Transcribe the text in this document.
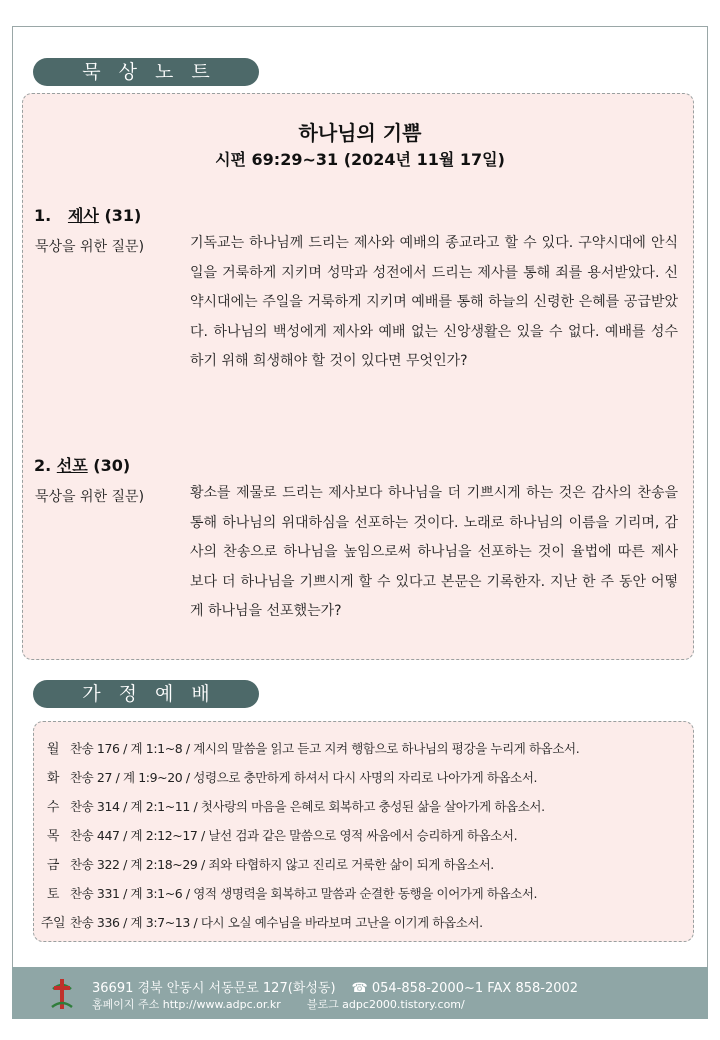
묵 상 노 트
하나님의 기쁨
시편 69:29~31 (2024년 11월 17일)
1. 제사 (31)
묵상을 위한 질문)	기독교는 하나님께 드리는 제사와 예배의 종교라고 할 수 있다. 구약시대에 안식일을 거룩하게 지키며 성막과 성전에서 드리는 제사를 통해 죄를 용서받았다. 신약시대에는 주일을 거룩하게 지키며 예배를 통해 하늘의 신령한 은혜를 공급받았다. 하나님의 백성에게 제사와 예배 없는 신앙생활은 있을 수 없다. 예배를 성수하기 위해 희생해야 할 것이 있다면 무엇인가?

2. 선포 (30)
묵상을 위한 질문)	황소를 제물로 드리는 제사보다 하나님을 더 기쁘시게 하는 것은 감사의 찬송을 통해 하나님의 위대하심을 선포하는 것이다. 노래로 하나님의 이름을 기리며, 감사의 찬송으로 하나님을 높임으로써 하나님을 선포하는 것이 율법에 따른 제사 보다 더 하나님을 기쁘시게 할 수 있다고 본문은 기록한자. 지난 한 주 동안 어떻게 하나님을 선포했는가?

가 정 예 배
월 찬송 176 / 계 1:1~8 / 계시의 말씀을 읽고 듣고 지켜 행함으로 하나님의 평강을 누리게 하옵소서.
화 찬송 27 / 계 1:9~20 / 성령으로 충만하게 하셔서 다시 사명의 자리로 나아가게 하옵소서.
수 찬송 314 / 계 2:1~11 / 첫사랑의 마음을 은혜로 회복하고 충성된 삶을 살아가게 하옵소서.
목 찬송 447 / 계 2:12~17 / 날선 검과 같은 말씀으로 영적 싸움에서 승리하게 하옵소서.
금 찬송 322 / 계 2:18~29 / 죄와 타협하지 않고 진리로 거룩한 삶이 되게 하옵소서.
토 찬송 331 / 계 3:1~6 / 영적 생명력을 회복하고 말씀과 순결한 동행을 이어가게 하옵소서.
주일 찬송 336 / 계 3:7~13 / 다시 오실 예수님을 바라보며 고난을 이기게 하옵소서.
36691 경북 안동시 서동문로 127(화성동) ☎ 054-858-2000~1 FAX 858-2002
홈페이지 주소 http://www.adpc.or.kr 블로그 adpc2000.tistory.com/
